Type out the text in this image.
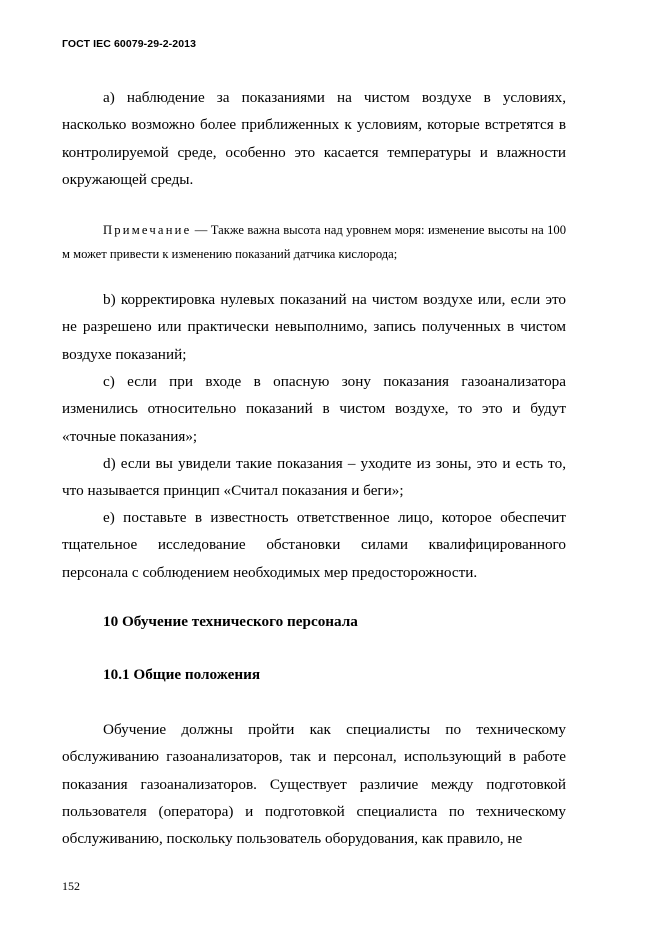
ГОСТ IEC 60079-29-2-2013

а) наблюдение за показаниями на чистом воздухе в условиях, насколько возможно более приближенных к условиям, которые встретятся в контролируемой среде, особенно это касается температуры и влажности окружающей среды.

Примечание — Также важна высота над уровнем моря: изменение высоты на 100 м может привести к изменению показаний датчика кислорода;

b) корректировка нулевых показаний на чистом воздухе или, если это не разрешено или практически невыполнимо, запись полученных в чистом воздухе показаний;

с) если при входе в опасную зону показания газоанализатора изменились относительно показаний в чистом воздухе, то это и будут «точные показания»;

d) если вы увидели такие показания – уходите из зоны, это и есть то, что называется принцип «Считал показания и беги»;

е) поставьте в известность ответственное лицо, которое обеспечит тщательное исследование обстановки силами квалифицированного персонала с соблюдением необходимых мер предосторожности.

10 Обучение технического персонала

10.1 Общие положения

Обучение должны пройти как специалисты по техническому обслуживанию газоанализаторов, так и персонал, использующий в работе показания газоанализаторов. Существует различие между подготовкой пользователя (оператора) и подготовкой специалиста по техническому обслуживанию, поскольку пользователь оборудования, как правило, не

152
